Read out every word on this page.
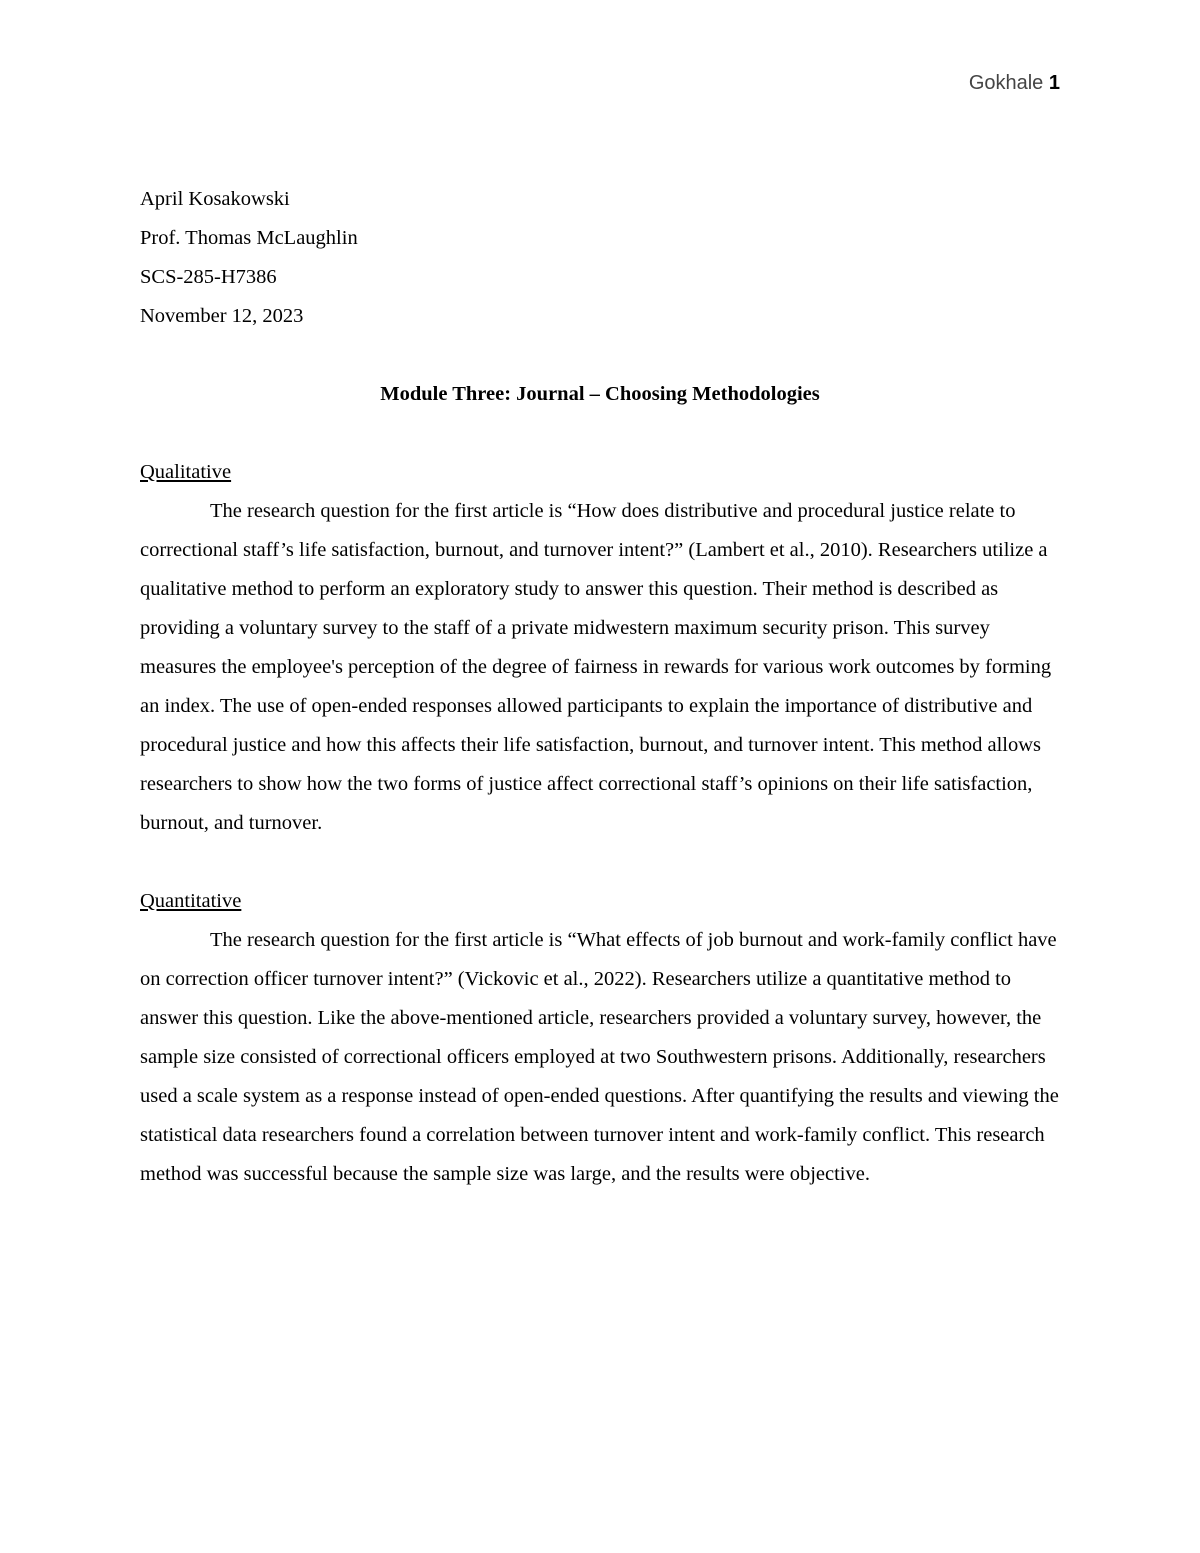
Gokhale 1

April Kosakowski

Prof. Thomas McLaughlin

SCS-285-H7386

November 12, 2023

Module Three: Journal – Choosing Methodologies

Qualitative

The research question for the first article is “How does distributive and procedural justice relate to correctional staff’s life satisfaction, burnout, and turnover intent?” (Lambert et al., 2010). Researchers utilize a qualitative method to perform an exploratory study to answer this question. Their method is described as providing a voluntary survey to the staff of a private midwestern maximum security prison. This survey measures the employee's perception of the degree of fairness in rewards for various work outcomes by forming an index. The use of open-ended responses allowed participants to explain the importance of distributive and procedural justice and how this affects their life satisfaction, burnout, and turnover intent. This method allows researchers to show how the two forms of justice affect correctional staff’s opinions on their life satisfaction, burnout, and turnover.

Quantitative

The research question for the first article is “What effects of job burnout and work-family conflict have on correction officer turnover intent?” (Vickovic et al., 2022). Researchers utilize a quantitative method to answer this question. Like the above-mentioned article, researchers provided a voluntary survey, however, the sample size consisted of correctional officers employed at two Southwestern prisons. Additionally, researchers used a scale system as a response instead of open-ended questions. After quantifying the results and viewing the statistical data researchers found a correlation between turnover intent and work-family conflict. This research method was successful because the sample size was large, and the results were objective.
